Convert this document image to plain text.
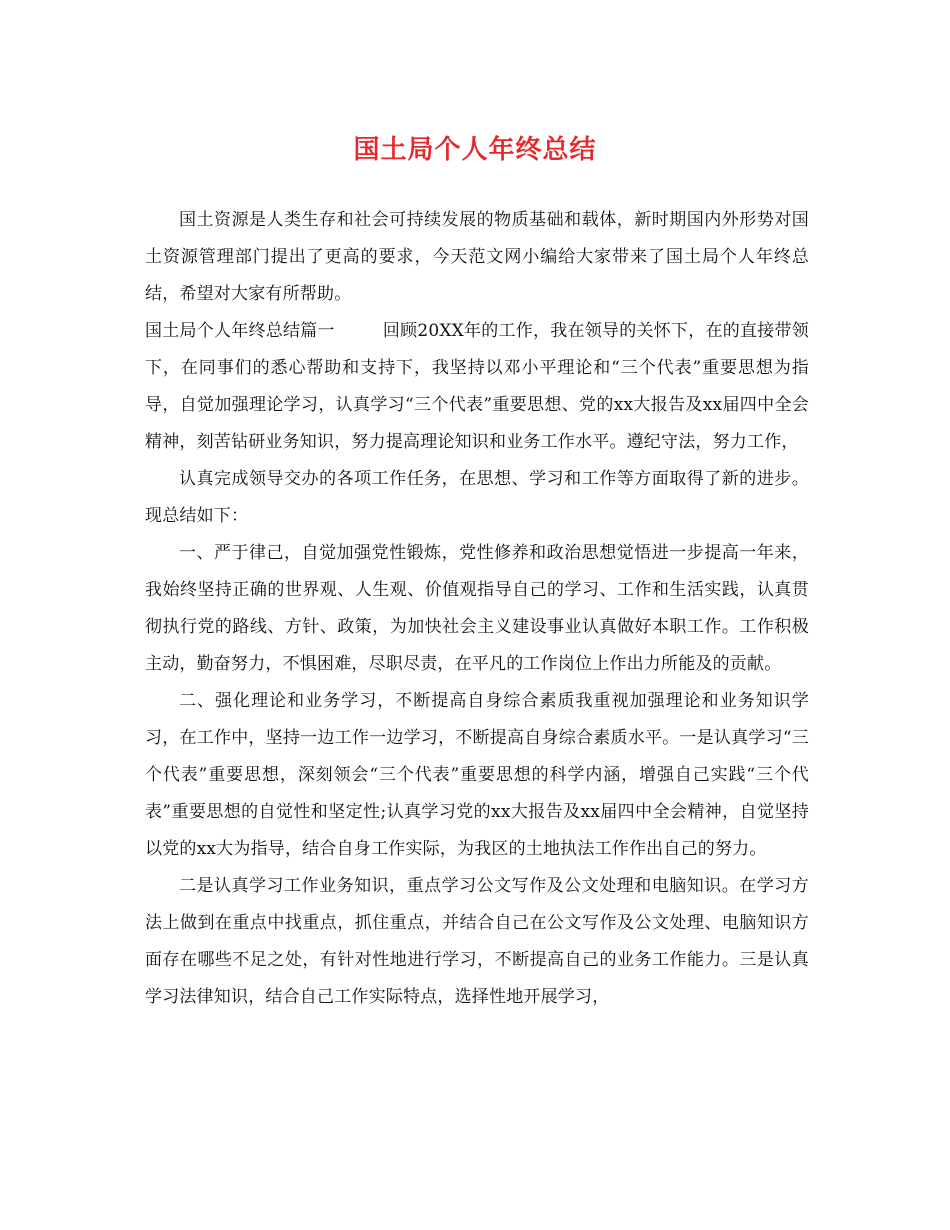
国土局个人年终总结

国土资源是人类生存和社会可持续发展的物质基础和载体，新时期国内外形势对国土资源管理部门提出了更高的要求，今天范文网小编给大家带来了国土局个人年终总结，希望对大家有所帮助。

国土局个人年终总结篇一	回顾20XX年的工作，我在领导的关怀下，在的直接带领下，在同事们的悉心帮助和支持下，我坚持以邓小平理论和“三个代表”重要思想为指导，自觉加强理论学习，认真学习“三个代表”重要思想、党的xx大报告及xx届四中全会精神，刻苦钻研业务知识，努力提高理论知识和业务工作水平。遵纪守法，努力工作，

认真完成领导交办的各项工作任务，在思想、学习和工作等方面取得了新的进步。现总结如下：

一、严于律己，自觉加强党性锻炼，党性修养和政治思想觉悟进一步提高一年来，我始终坚持正确的世界观、人生观、价值观指导自己的学习、工作和生活实践，认真贯彻执行党的路线、方针、政策，为加快社会主义建设事业认真做好本职工作。工作积极主动，勤奋努力，不惧困难，尽职尽责，在平凡的工作岗位上作出力所能及的贡献。

二、强化理论和业务学习，不断提高自身综合素质我重视加强理论和业务知识学习，在工作中，坚持一边工作一边学习，不断提高自身综合素质水平。一是认真学习“三个代表”重要思想，深刻领会“三个代表”重要思想的科学内涵，增强自己实践“三个代表”重要思想的自觉性和坚定性;认真学习党的xx大报告及xx届四中全会精神，自觉坚持以党的xx大为指导，结合自身工作实际，为我区的土地执法工作作出自己的努力。

二是认真学习工作业务知识，重点学习公文写作及公文处理和电脑知识。在学习方法上做到在重点中找重点，抓住重点，并结合自己在公文写作及公文处理、电脑知识方面存在哪些不足之处，有针对性地进行学习，不断提高自己的业务工作能力。三是认真学习法律知识，结合自己工作实际特点，选择性地开展学习，
